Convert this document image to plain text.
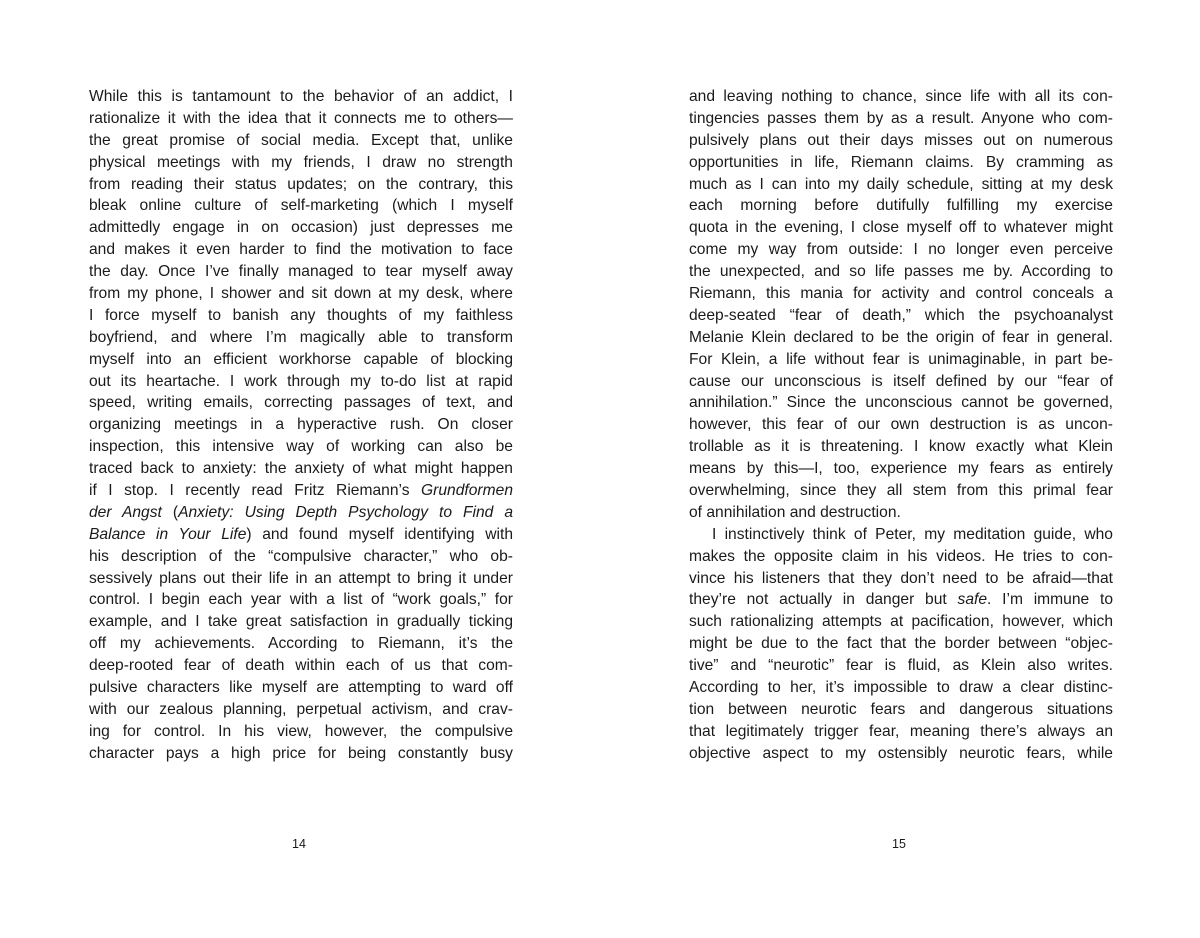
While this is tantamount to the behavior of an addict, I
rationalize it with the idea that it connects me to others—
the great promise of social media. Except that, unlike
physical meetings with my friends, I draw no strength
from reading their status updates; on the contrary, this
bleak online culture of self-marketing (which I myself
admittedly engage in on occasion) just depresses me
and makes it even harder to find the motivation to face
the day. Once I’ve finally managed to tear myself away
from my phone, I shower and sit down at my desk, where
I force myself to banish any thoughts of my faithless
boyfriend, and where I’m magically able to transform
myself into an efficient workhorse capable of blocking
out its heartache. I work through my to-do list at rapid
speed, writing emails, correcting passages of text, and
organizing meetings in a hyperactive rush. On closer
inspection, this intensive way of working can also be
traced back to anxiety: the anxiety of what might happen
if I stop. I recently read Fritz Riemann’s Grundformen
der Angst (Anxiety: Using Depth Psychology to Find a
Balance in Your Life) and found myself identifying with
his description of the “compulsive character,” who ob-
sessively plans out their life in an attempt to bring it under
control. I begin each year with a list of “work goals,” for
example, and I take great satisfaction in gradually ticking
off my achievements. According to Riemann, it’s the
deep-rooted fear of death within each of us that com-
pulsive characters like myself are attempting to ward off
with our zealous planning, perpetual activism, and crav-
ing for control. In his view, however, the compulsive
character pays a high price for being constantly busy
and leaving nothing to chance, since life with all its con-
tingencies passes them by as a result. Anyone who com-
pulsively plans out their days misses out on numerous
opportunities in life, Riemann claims. By cramming as
much as I can into my daily schedule, sitting at my desk
each morning before dutifully fulfilling my exercise
quota in the evening, I close myself off to whatever might
come my way from outside: I no longer even perceive
the unexpected, and so life passes me by. According to
Riemann, this mania for activity and control conceals a
deep-seated “fear of death,” which the psychoanalyst
Melanie Klein declared to be the origin of fear in general.
For Klein, a life without fear is unimaginable, in part be-
cause our unconscious is itself defined by our “fear of
annihilation.” Since the unconscious cannot be governed,
however, this fear of our own destruction is as uncon-
trollable as it is threatening. I know exactly what Klein
means by this—I, too, experience my fears as entirely
overwhelming, since they all stem from this primal fear
of annihilation and destruction.
I instinctively think of Peter, my meditation guide, who
makes the opposite claim in his videos. He tries to con-
vince his listeners that they don’t need to be afraid—that
they’re not actually in danger but safe. I’m immune to
such rationalizing attempts at pacification, however, which
might be due to the fact that the border between “objec-
tive” and “neurotic” fear is fluid, as Klein also writes.
According to her, it’s impossible to draw a clear distinc-
tion between neurotic fears and dangerous situations
that legitimately trigger fear, meaning there’s always an
objective aspect to my ostensibly neurotic fears, while
14	15
